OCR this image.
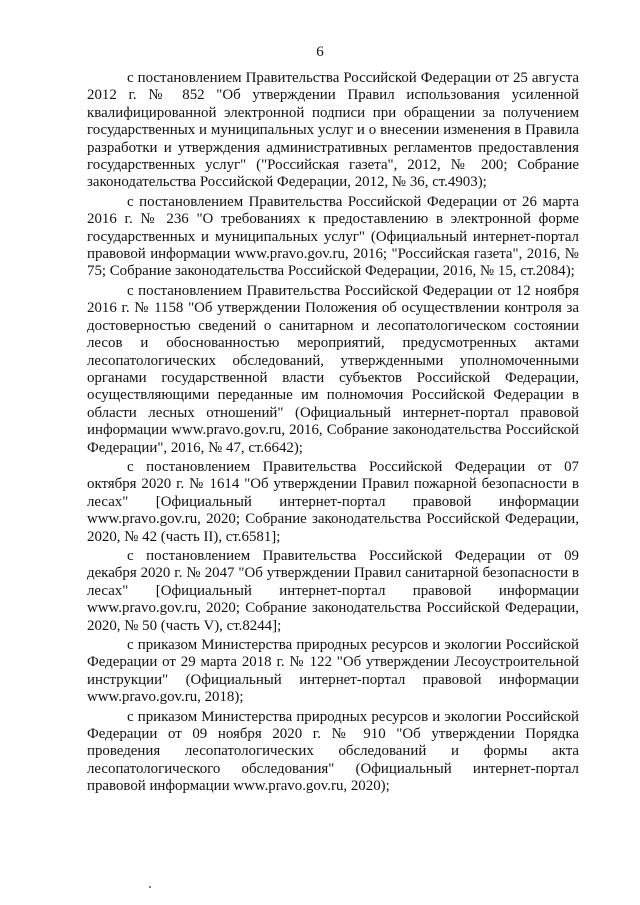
6

с постановлением Правительства Российской Федерации от 25 августа 2012 г. № 852 "Об утверждении Правил использования усиленной квалифицированной электронной подписи при обращении за получением государственных и муниципальных услуг и о внесении изменения в Правила разработки и утверждения административных регламентов предоставления государственных услуг" ("Российская газета", 2012, № 200; Собрание законодательства Российской Федерации, 2012, № 36, ст.4903);

с постановлением Правительства Российской Федерации от 26 марта 2016 г. № 236 "О требованиях к предоставлению в электронной форме государственных и муниципальных услуг" (Официальный интернет-портал правовой информации www.pravo.gov.ru, 2016; "Российская газета", 2016, № 75; Собрание законодательства Российской Федерации, 2016, № 15, ст.2084);

с постановлением Правительства Российской Федерации от 12 ноября 2016 г. № 1158 "Об утверждении Положения об осуществлении контроля за достоверностью сведений о санитарном и лесопатологическом состоянии лесов и обоснованностью мероприятий, предусмотренных актами лесопатологических обследований, утвержденными уполномоченными органами государственной власти субъектов Российской Федерации, осуществляющими переданные им полномочия Российской Федерации в области лесных отношений" (Официальный интернет-портал правовой информации www.pravo.gov.ru, 2016, Собрание законодательства Российской Федерации", 2016, № 47, ст.6642);

с постановлением Правительства Российской Федерации от 07 октября 2020 г. № 1614 "Об утверждении Правил пожарной безопасности в лесах" [Официальный интернет-портал правовой информации www.pravo.gov.ru, 2020; Собрание законодательства Российской Федерации, 2020, № 42 (часть II), ст.6581];

с постановлением Правительства Российской Федерации от 09 декабря 2020 г. № 2047 "Об утверждении Правил санитарной безопасности в лесах" [Официальный интернет-портал правовой информации www.pravo.gov.ru, 2020; Собрание законодательства Российской Федерации, 2020, № 50 (часть V), ст.8244];

с приказом Министерства природных ресурсов и экологии Российской Федерации от 29 марта 2018 г. № 122 "Об утверждении Лесоустроительной инструкции" (Официальный интернет-портал правовой информации www.pravo.gov.ru, 2018);

с приказом Министерства природных ресурсов и экологии Российской Федерации от 09 ноября 2020 г. № 910 "Об утверждении Порядка проведения лесопатологических обследований и формы акта лесопатологического обследования" (Официальный интернет-портал правовой информации www.pravo.gov.ru, 2020);
